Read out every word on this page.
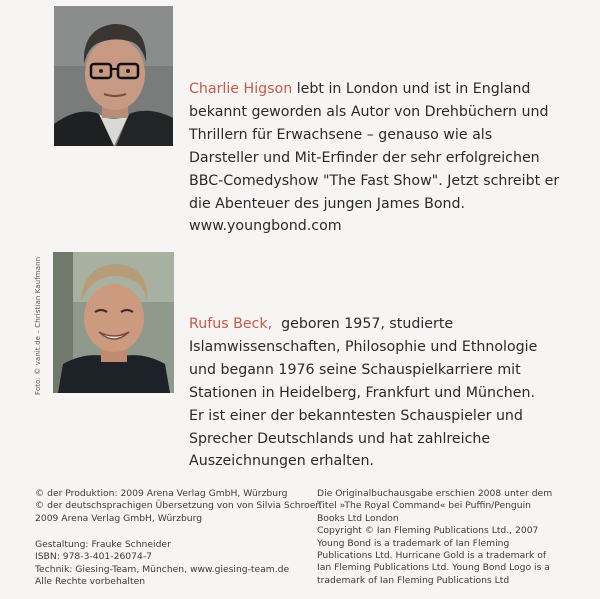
Foto: © vanit.de – Christian Kaufmann

Charlie Higson lebt in London und ist in England

bekannt geworden als Autor von Drehbüchern und

Thrillern für Erwachsene – genauso wie als

Darsteller und Mit-Erfinder der sehr erfolgreichen

BBC-Comedyshow "The Fast Show". Jetzt schreibt er

die Abenteuer des jungen James Bond.

www.youngbond.com

Rufus Beck,  geboren 1957, studierte

Islamwissenschaften, Philosophie und Ethnologie

und begann 1976 seine Schauspielkarriere mit

Stationen in Heidelberg, Frankfurt und München.

Er ist einer der bekanntesten Schauspieler und

Sprecher Deutschlands und hat zahlreiche

Auszeichnungen erhalten.

© der Produktion: 2009 Arena Verlag GmbH, Würzburg

© der deutschsprachigen Übersetzung von von Silvia Schroer:

2009 Arena Verlag GmbH, Würzburg

Gestaltung: Frauke Schneider

ISBN: 978-3-401-26074-7

Technik: Giesing-Team, München, www.giesing-team.de

Alle Rechte vorbehalten

Die Originalbuchausgabe erschien 2008 unter dem

Titel »The Royal Command« bei Puffin/Penguin

Books Ltd London

Copyright © Ian Fleming Publications Ltd., 2007

Young Bond is a trademark of Ian Fleming

Publications Ltd. Hurricane Gold is a trademark of

Ian Fleming Publications Ltd. Young Bond Logo is a

trademark of Ian Fleming Publications Ltd
